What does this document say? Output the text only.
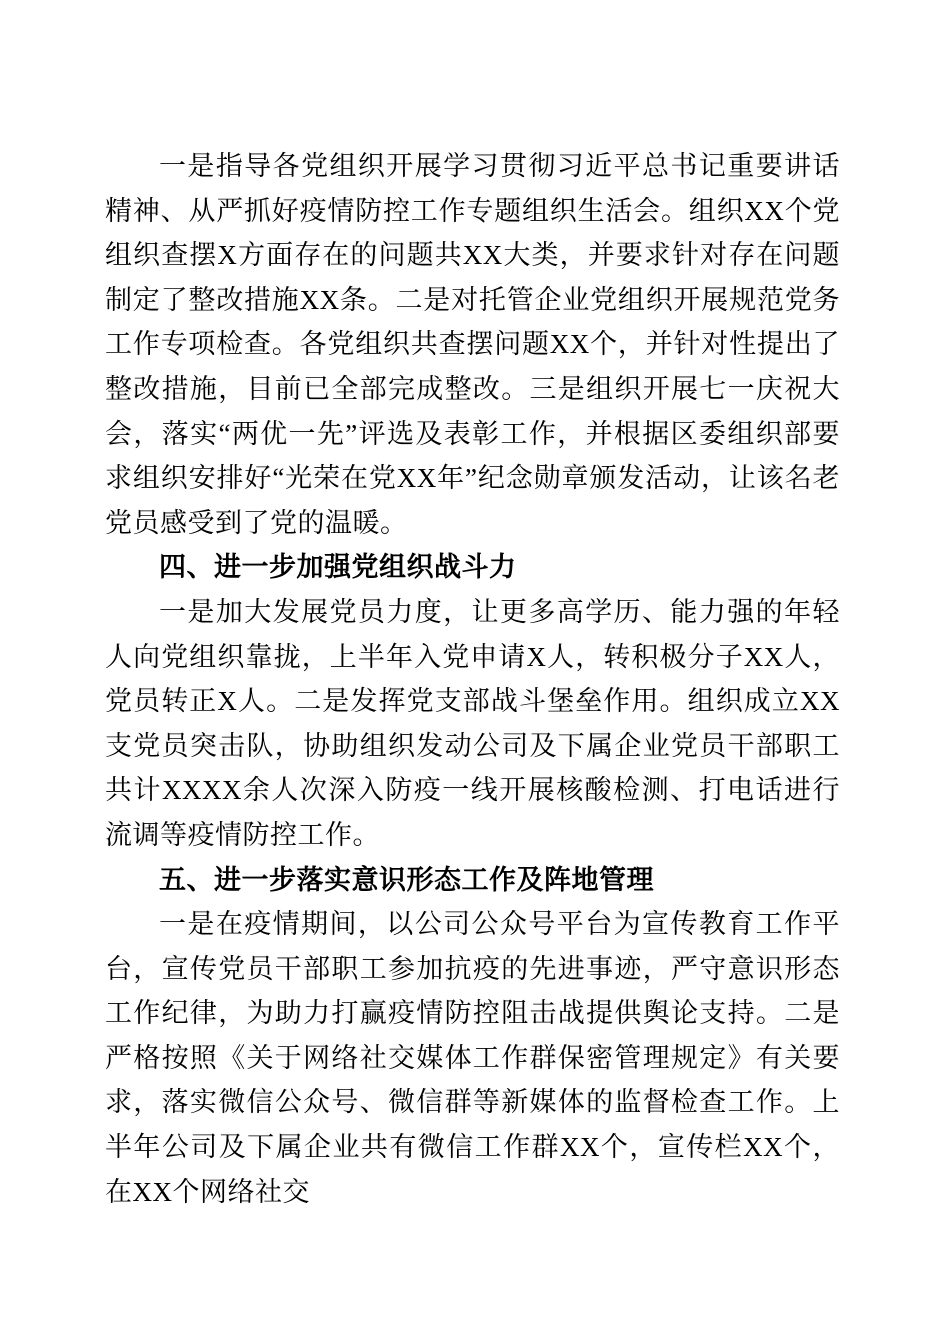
一是指导各党组织开展学习贯彻习近平总书记重要讲话精神、从严抓好疫情防控工作专题组织生活会。组织XX个党组织查摆X方面存在的问题共XX大类，并要求针对存在问题制定了整改措施XX条。二是对托管企业党组织开展规范党务工作专项检查。各党组织共查摆问题XX个，并针对性提出了整改措施，目前已全部完成整改。三是组织开展七一庆祝大会，落实“两优一先”评选及表彰工作，并根据区委组织部要求组织安排好“光荣在党XX年”纪念勋章颁发活动，让该名老党员感受到了党的温暖。

四、进一步加强党组织战斗力

一是加大发展党员力度，让更多高学历、能力强的年轻人向党组织靠拢，上半年入党申请X人，转积极分子XX人，党员转正X人。二是发挥党支部战斗堡垒作用。组织成立XX支党员突击队，协助组织发动公司及下属企业党员干部职工共计XXXX余人次深入防疫一线开展核酸检测、打电话进行流调等疫情防控工作。

五、进一步落实意识形态工作及阵地管理

一是在疫情期间，以公司公众号平台为宣传教育工作平台，宣传党员干部职工参加抗疫的先进事迹，严守意识形态工作纪律，为助力打赢疫情防控阻击战提供舆论支持。二是严格按照《关于网络社交媒体工作群保密管理规定》有关要求，落实微信公众号、微信群等新媒体的监督检查工作。上半年公司及下属企业共有微信工作群XX个，宣传栏XX个，在XX个网络社交
